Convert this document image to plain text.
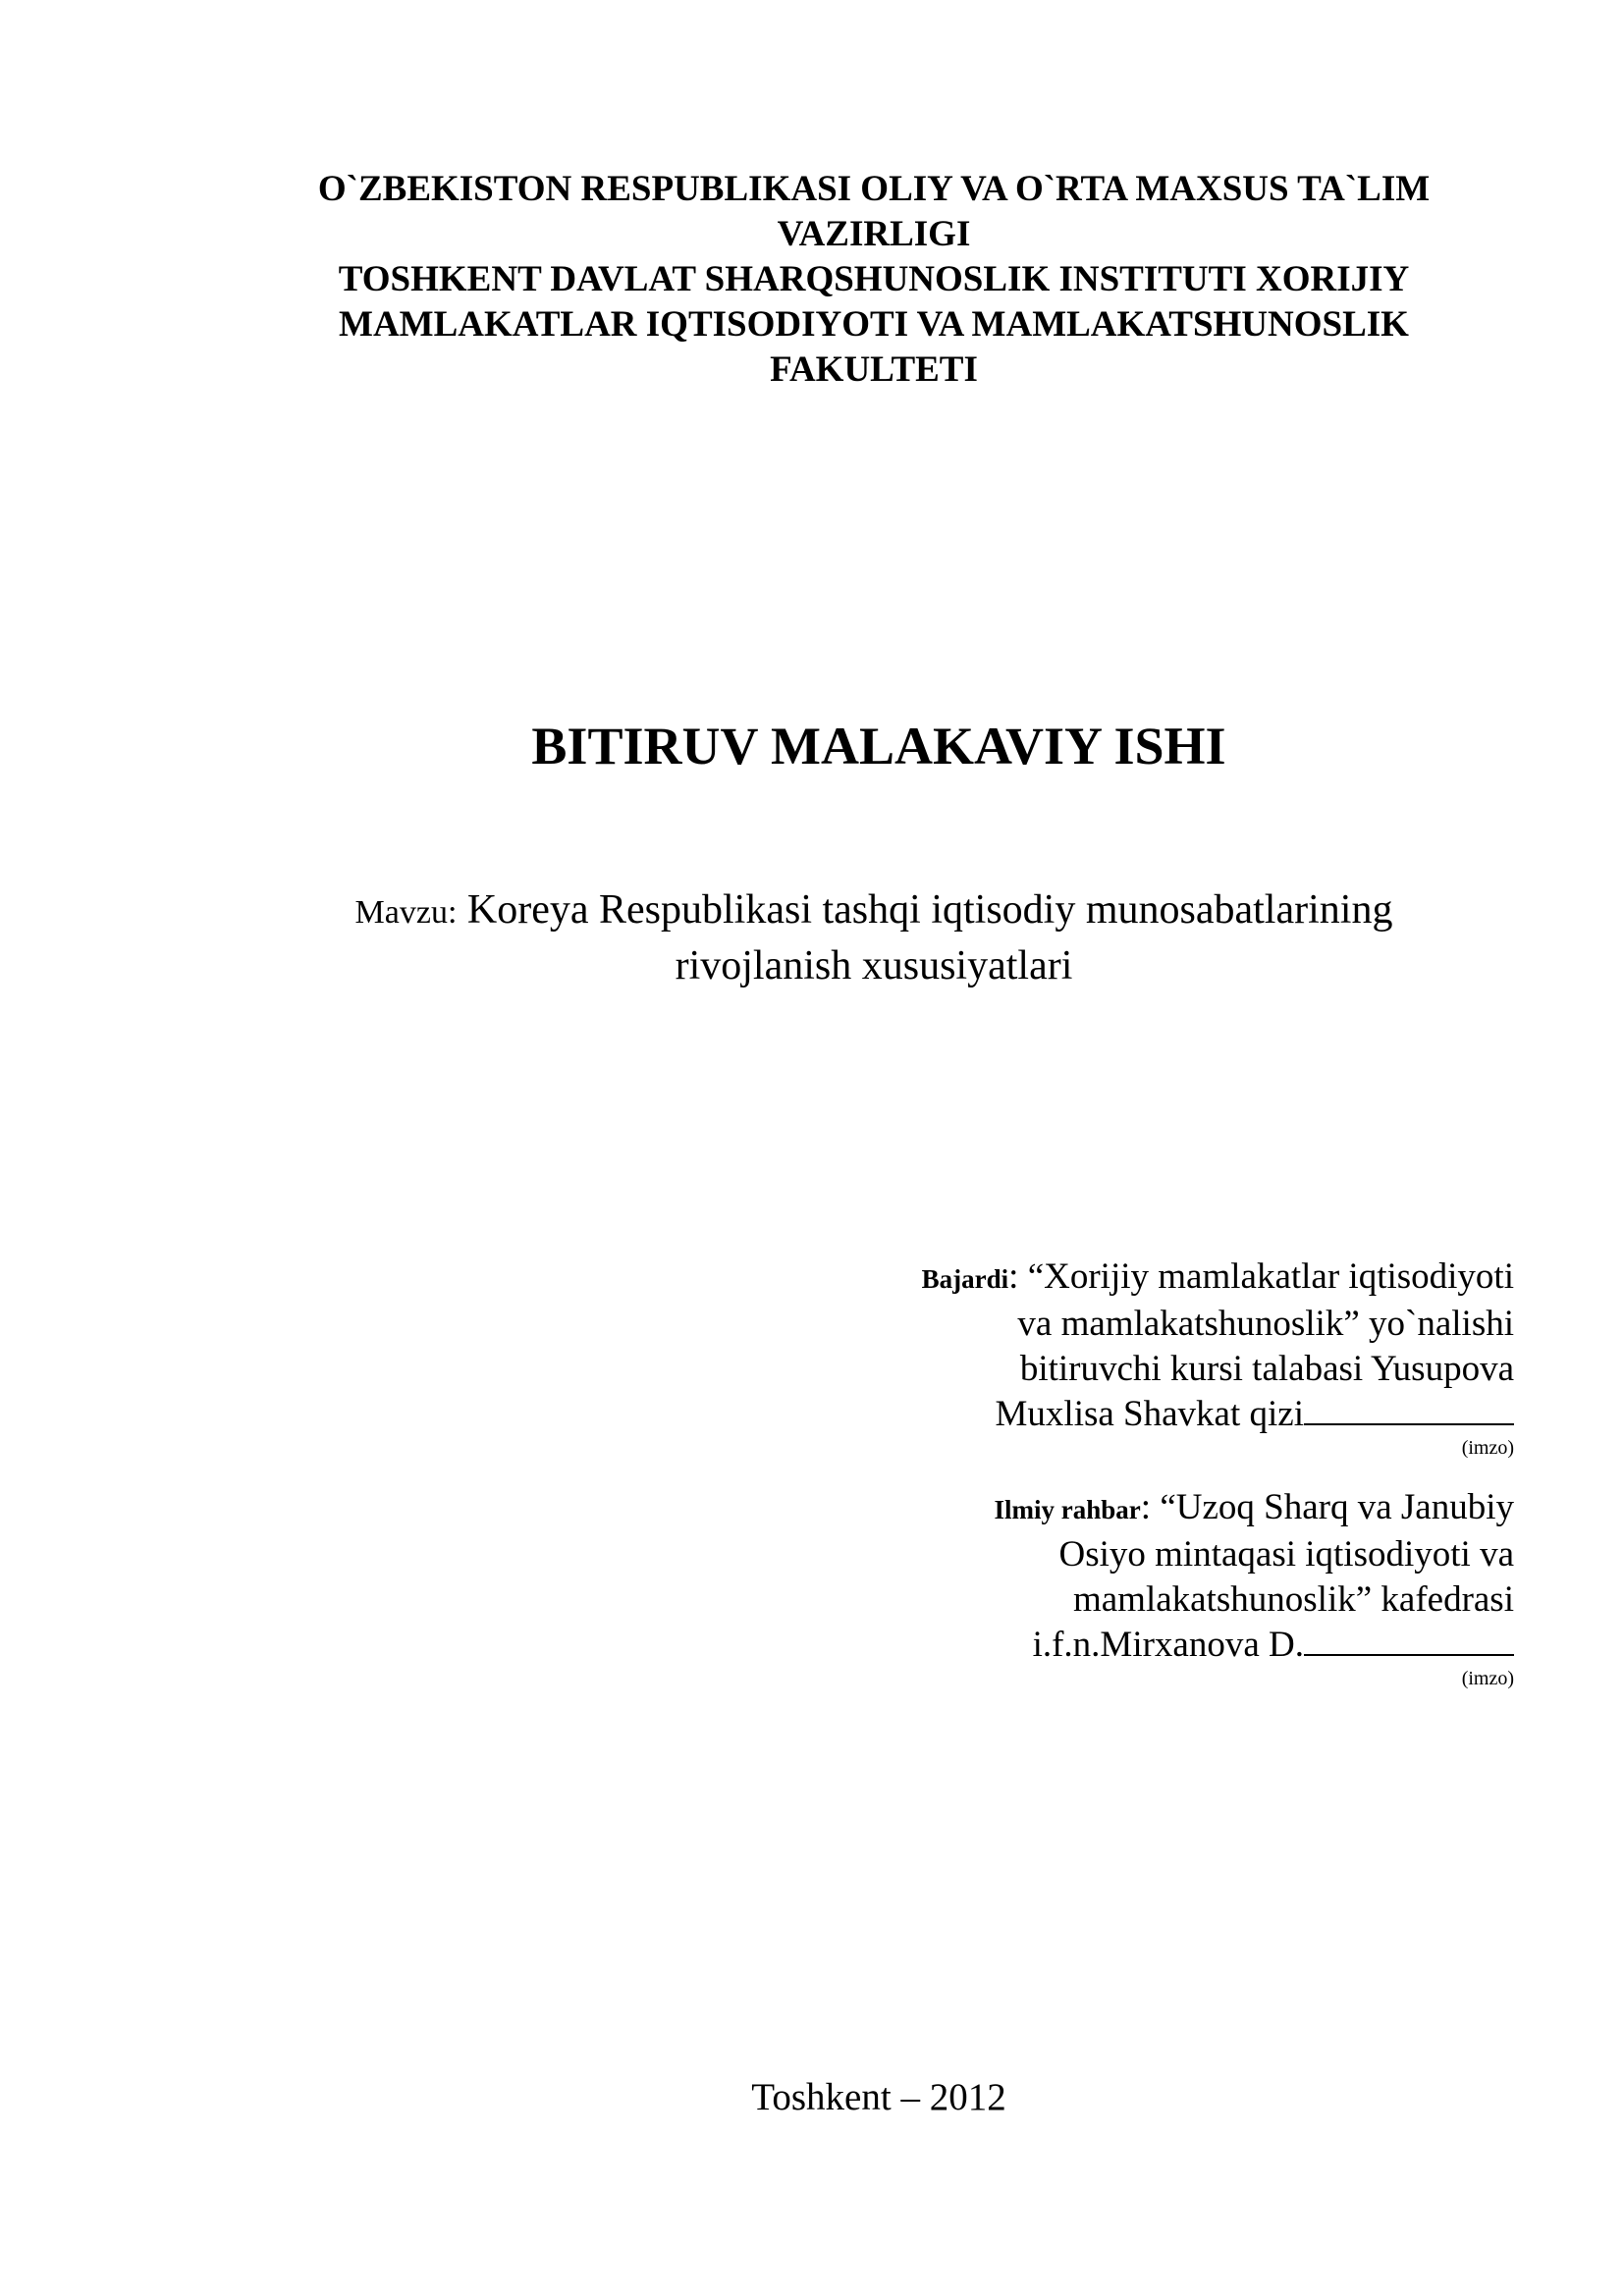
O`ZBEKISTON RESPUBLIKASI OLIY VA O`RTA MAXSUS TA`LIM
VAZIRLIGI
TOSHKENT DAVLAT SHARQSHUNOSLIK INSTITUTI XORIJIY
MAMLAKATLAR IQTISODIYOTI VA MAMLAKATSHUNOSLIK
FAKULTETI
BITIRUV MALAKAVIY ISHI
Mavzu: Koreya Respublikasi tashqi iqtisodiy munosabatlarining
rivojlanish xususiyatlari
Bajardi: “Xorijiy mamlakatlar iqtisodiyoti
va mamlakatshunoslik” yo`nalishi
bitiruvchi kursi talabasi Yusupova
Muxlisa Shavkat qizi
(imzo)
Ilmiy rahbar: “Uzoq Sharq va Janubiy
Osiyo mintaqasi iqtisodiyoti va
mamlakatshunoslik” kafedrasi
i.f.n.Mirxanova D.
(imzo)
Toshkent – 2012
